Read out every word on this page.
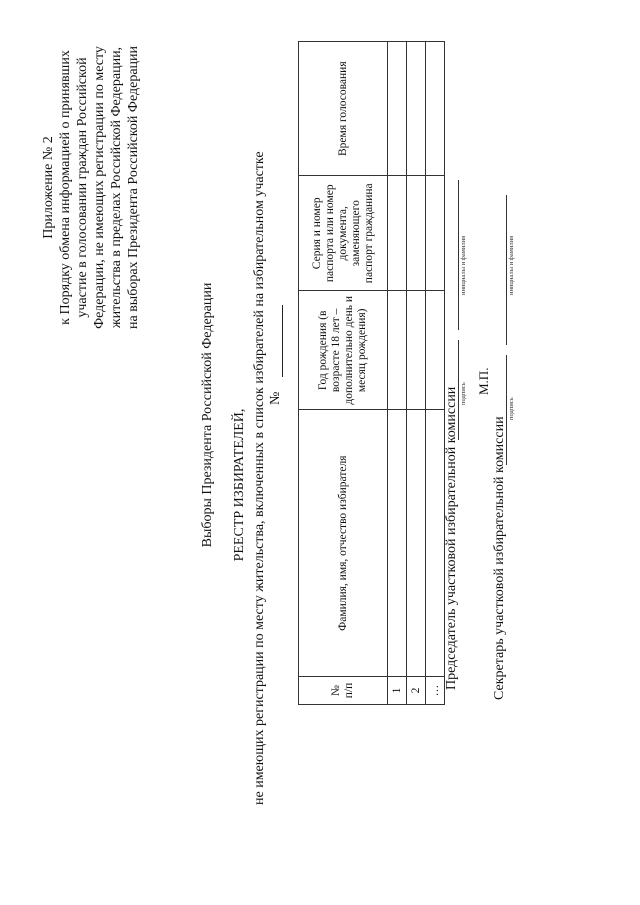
Приложение № 2 к Порядку обмена информацией о принявших участие в голосовании граждан Российской Федерации, не имеющих регистрации по месту жительства в пределах Российской Федерации, на выборах Президента Российской Федерации
Выборы Президента Российской Федерации РЕЕСТР ИЗБИРАТЕЛЕЙ, не имеющих регистрации по месту жительства, включенных в список избирателей на избирательном участке №
№ п/п	Фамилия, имя, отчество избирателя	Год рождения (в возрасте 18 лет – дополнительно день и месяц рождения)	Серия и номер паспорта или номер документа, заменяющего паспорт гражданина	Время голосования
1				
2				
…				
Председатель участковой избирательной комиссии подпись
инициалы и фамилия
М.П.
Секретарь участковой избирательной комиссии
подпись
инициалы и фамилия
